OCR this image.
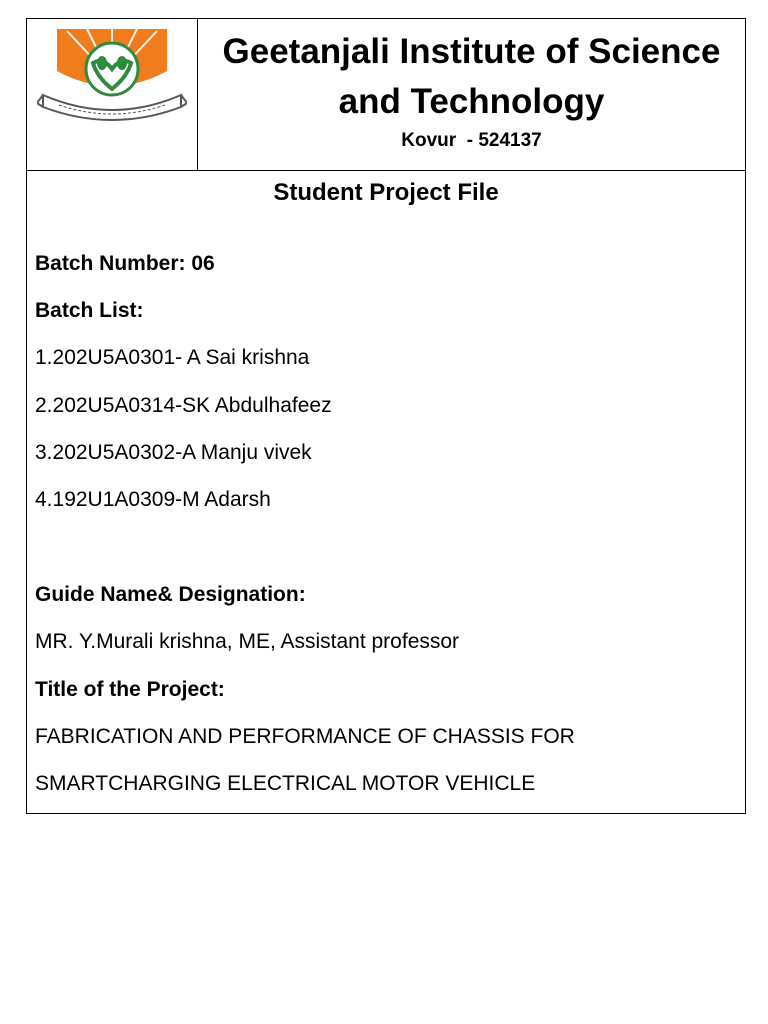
Geetanjali Institute of Science and Technology

Kovur  - 524137

Student Project File
Batch Number: 06
Batch List:
1.202U5A0301- A Sai krishna
2.202U5A0314-SK Abdulhafeez
3.202U5A0302-A Manju vivek
4.192U1A0309-M Adarsh
Guide Name& Designation:
MR. Y.Murali krishna, ME, Assistant professor
Title of the Project:
FABRICATION AND PERFORMANCE OF CHASSIS FOR
SMARTCHARGING ELECTRICAL MOTOR VEHICLE
